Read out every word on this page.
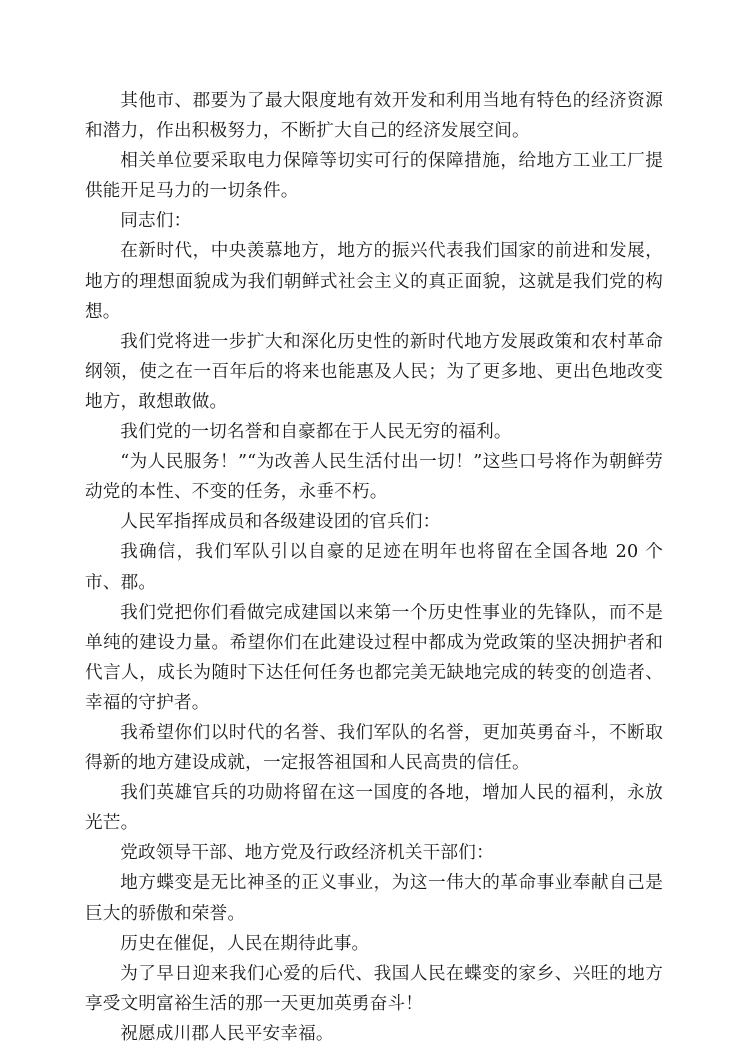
其他市、郡要为了最大限度地有效开发和利用当地有特色的经济资源和潜力，作出积极努力，不断扩大自己的经济发展空间。

相关单位要采取电力保障等切实可行的保障措施，给地方工业工厂提供能开足马力的一切条件。

同志们：

在新时代，中央羡慕地方，地方的振兴代表我们国家的前进和发展，地方的理想面貌成为我们朝鲜式社会主义的真正面貌，这就是我们党的构想。

我们党将进一步扩大和深化历史性的新时代地方发展政策和农村革命纲领，使之在一百年后的将来也能惠及人民；为了更多地、更出色地改变地方，敢想敢做。

我们党的一切名誉和自豪都在于人民无穷的福利。

“为人民服务！”“为改善人民生活付出一切！”这些口号将作为朝鲜劳动党的本性、不变的任务，永垂不朽。

人民军指挥成员和各级建设团的官兵们：

我确信，我们军队引以自豪的足迹在明年也将留在全国各地 20 个市、郡。

我们党把你们看做完成建国以来第一个历史性事业的先锋队，而不是单纯的建设力量。希望你们在此建设过程中都成为党政策的坚决拥护者和代言人，成长为随时下达任何任务也都完美无缺地完成的转变的创造者、幸福的守护者。

我希望你们以时代的名誉、我们军队的名誉，更加英勇奋斗，不断取得新的地方建设成就，一定报答祖国和人民高贵的信任。

我们英雄官兵的功勋将留在这一国度的各地，增加人民的福利，永放光芒。

党政领导干部、地方党及行政经济机关干部们：

地方蝶变是无比神圣的正义事业，为这一伟大的革命事业奉献自己是巨大的骄傲和荣誉。

历史在催促，人民在期待此事。

为了早日迎来我们心爱的后代、我国人民在蝶变的家乡、兴旺的地方享受文明富裕生活的那一天更加英勇奋斗！

祝愿成川郡人民平安幸福。
